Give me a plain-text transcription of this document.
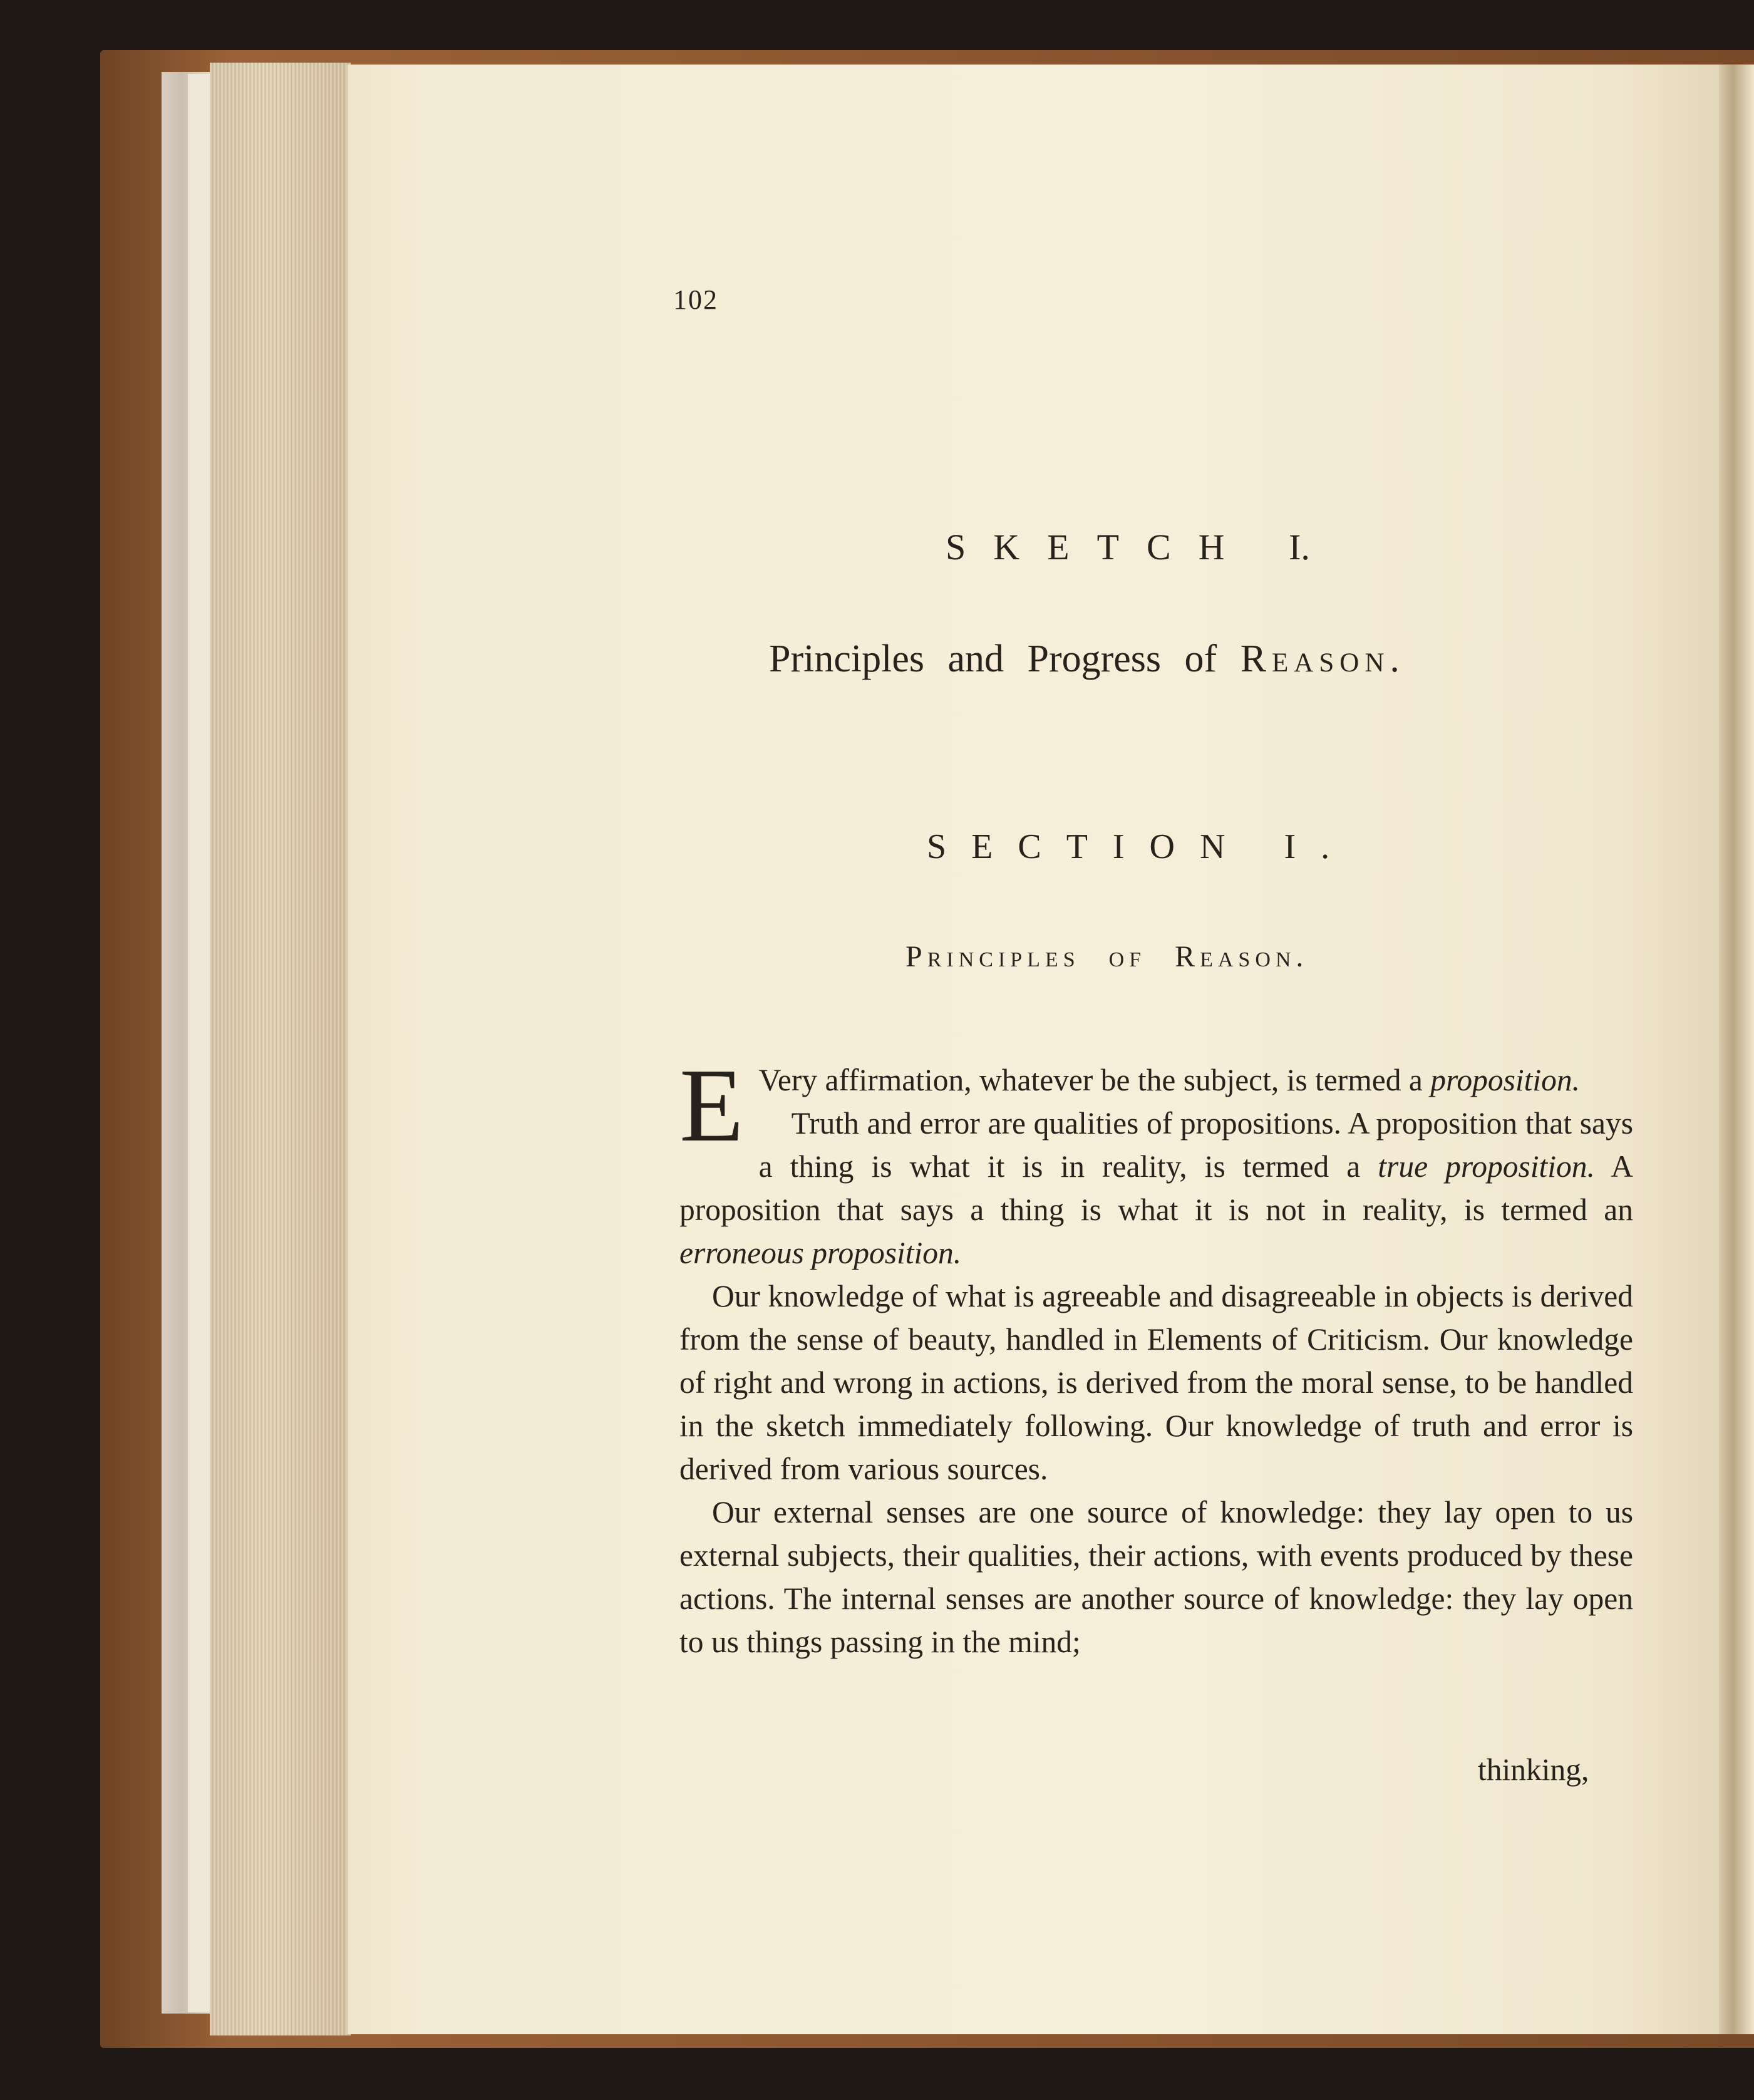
102
SKETCH I.
Principles and Progress of Reason.
SECTION I.
Principles of Reason.

E Very affirmation, whatever be the subject, is termed a proposition.

Truth and error are qualities of propositions. A proposition that says a thing is what it is in reality, is termed a true proposition. A proposition that says a thing is what it is not in reality, is termed an erroneous proposition.

Our knowledge of what is agreeable and disagreeable in objects is derived from the sense of beauty, handled in Elements of Criticism. Our knowledge of right and wrong in actions, is derived from the moral sense, to be handled in the sketch immediately following. Our knowledge of truth and error is derived from various sources.

Our external senses are one source of knowledge: they lay open to us external subjects, their qualities, their actions, with events produced by these actions. The internal senses are another source of knowledge: they lay open to us things passing in the mind;

thinking,
